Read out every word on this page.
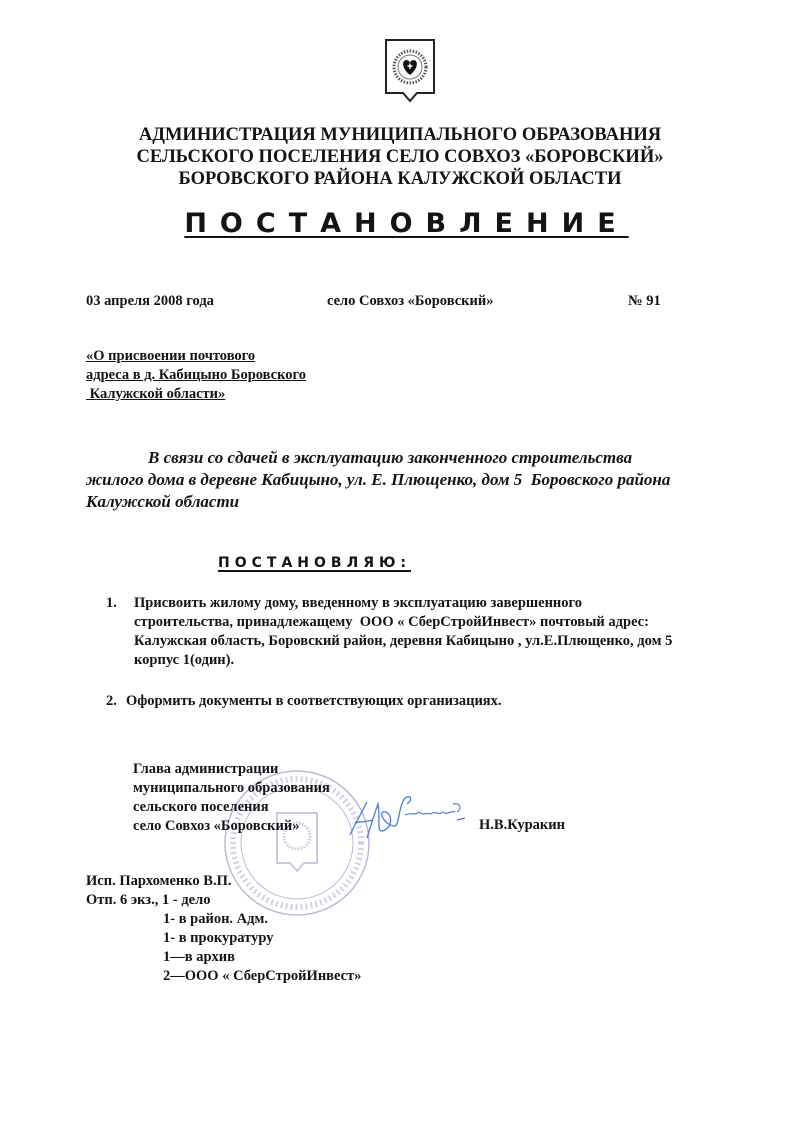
АДМИНИСТРАЦИЯ МУНИЦИПАЛЬНОГО ОБРАЗОВАНИЯ
СЕЛЬСКОГО ПОСЕЛЕНИЯ СЕЛО СОВХОЗ «БОРОВСКИЙ»
БОРОВСКОГО РАЙОНА КАЛУЖСКОЙ ОБЛАСТИ
ПОСТАНОВЛЕНИЕ
03 апреля 2008 года	село Совхоз «Боровский»	№ 91
«О присвоении почтового
адреса в д. Кабицыно Боровского
Калужской области»
В связи со сдачей в эксплуатацию законченного строительства
жилого дома в деревне Кабицыно, ул. Е. Плющенко, дом 5  Боровского района
Калужской области
ПОСТАНОВЛЯЮ:
1.	Присвоить жилому дому, введенному в эксплуатацию завершенного
строительства, принадлежащему  ООО « СберСтройИнвест» почтовый адрес:
Калужская область, Боровский район, деревня Кабицыно , ул.Е.Плющенко, дом 5
корпус 1(один).
2. Оформить документы в соответствующих организациях.
Глава администрации
муниципального образования
сельского поселения
село Совхоз «Боровский»	Н.В.Куракин
Исп. Пархоменко В.П.
Отп. 6 экз., 1 - дело
1- в район. Адм.
1- в прокуратуру
1—в архив
2—ООО « СберСтройИнвест»
